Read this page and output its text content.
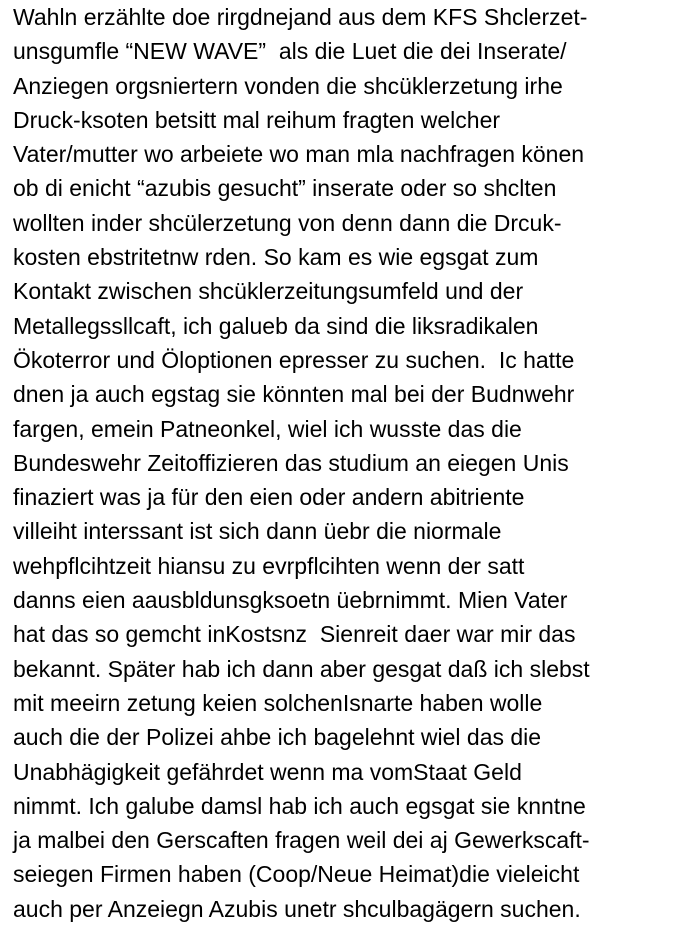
Wahln erzählte doe rirgdnejand aus dem KFS Shclerzet-
unsgumfle “NEW WAVE”  als die Luet die dei Inserate/
Anziegen orgsniertern vonden die shcüklerzetung irhe
Druck-ksoten betsitt mal reihum fragten welcher
Vater/mutter wo arbeiete wo man mla nachfragen könen
ob di enicht “azubis gesucht” inserate oder so shclten
wollten inder shcülerzetung von denn dann die Drcuk-
kosten ebstritetnw rden. So kam es wie egsgat zum
Kontakt zwischen shcüklerzeitungsumfeld und der
Metallegssllcaft, ich galueb da sind die liksradikalen
Ökoterror und Öloptionen epresser zu suchen.  Ic hatte
dnen ja auch egstag sie könnten mal bei der Budnwehr
fargen, emein Patneonkel, wiel ich wusste das die
Bundeswehr Zeitoffizieren das studium an eiegen Unis
finaziert was ja für den eien oder andern abitriente
villeiht interssant ist sich dann üebr die niormale
wehpflcihtzeit hiansu zu evrpflcihten wenn der satt
danns eien aausbldunsgksoetn üebrnimmt. Mien Vater
hat das so gemcht inKostsnz  Sienreit daer war mir das
bekannt. Später hab ich dann aber gesgat daß ich slebst
mit meeirn zetung keien solchenIsnarte haben wolle
auch die der Polizei ahbe ich bagelehnt wiel das die
Unabhägigkeit gefährdet wenn ma vomStaat Geld
nimmt. Ich galube damsl hab ich auch egsgat sie knntne
ja malbei den Gerscaften fragen weil dei aj Gewerkscaft-
seiegen Firmen haben (Coop/Neue Heimat)die vieleicht
auch per Anzeiegn Azubis unetr shculbagägern suchen.
